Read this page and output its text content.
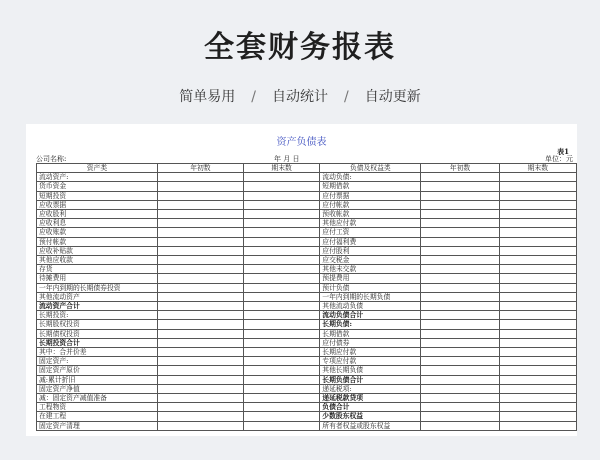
全套财务报表
简单易用 / 自动统计 / 自动更新
资产负债表
表1
公司名称:	年 月 日	单位：元
资产类	年初数	期末数	负债及权益类	年初数	期末数
流动资产:			流动负债:		
货币资金			短期借款		
短期投资			应付票据		
应收票据			应付帐款		
应收股利			预收帐款		
应收利息			其他应付款		
应收账款			应付工资		
预付帐款			应付福利费		
应收补贴款			应付股利		
其他应收款			应交税金		
存货			其他未交款		
待摊费用			预提费用		
一年内到期的长期债券投资			预计负债		
其他流动资产			一年内到期的长期负债		
流动资产合计			其他流动负债		
长期投资:			流动负债合计		
长期股权投资			长期负债:		
长期债权投资			长期借款		
长期投资合计			应付债券		
其中：合并价差			长期应付款		
固定资产:			专项应付款		
固定资产原价			其他长期负债		
减:累计折旧			长期负债合计		
固定资产净值			递延税项:		
减：固定资产减值准备			递延税款贷项		
工程物资			负债合计		
在建工程			少数股东权益		
固定资产清理			所有者权益或股东权益		
